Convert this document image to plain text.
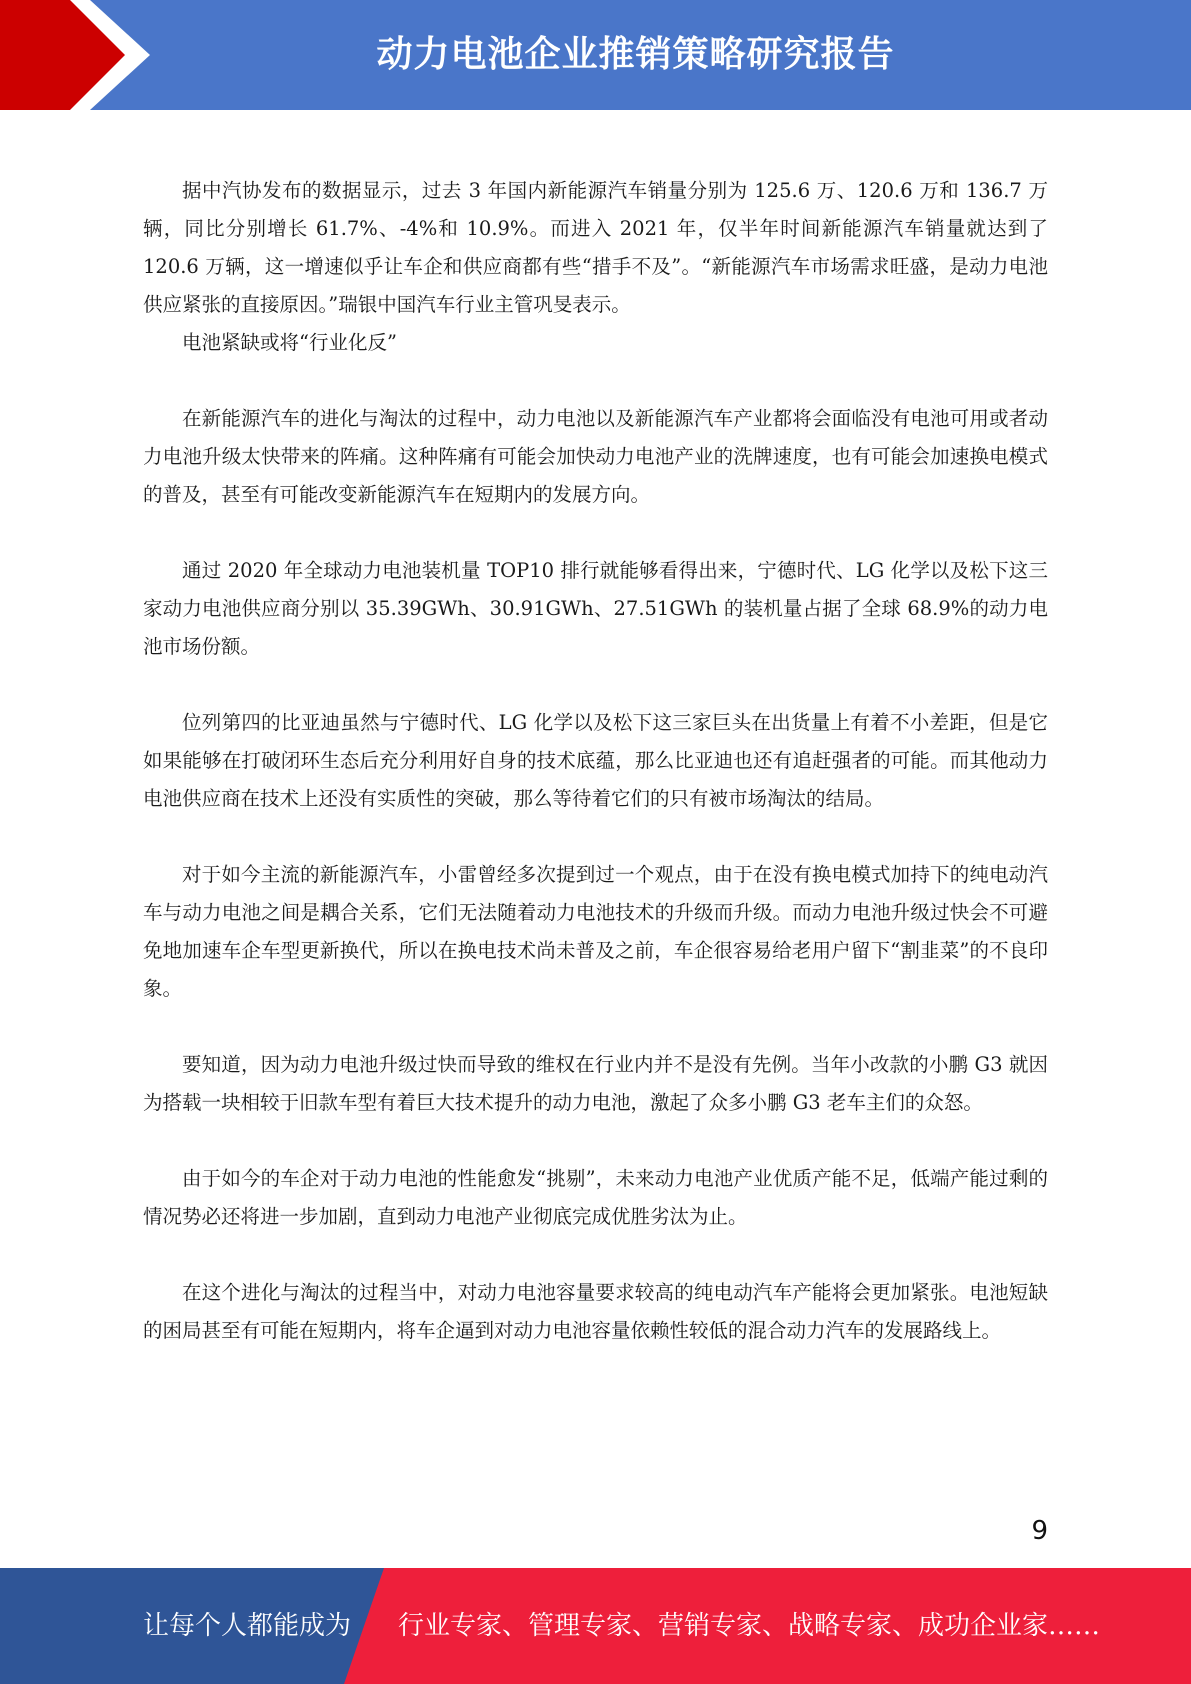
动力电池企业推销策略研究报告

据中汽协发布的数据显示，过去 3 年国内新能源汽车销量分别为 125.6 万、120.6 万和 136.7 万辆，同比分别增长 61.7%、-4%和 10.9%。而进入 2021 年，仅半年时间新能源汽车销量就达到了 120.6 万辆，这一增速似乎让车企和供应商都有些“措手不及”。“新能源汽车市场需求旺盛，是动力电池供应紧张的直接原因。”瑞银中国汽车行业主管巩旻表示。

电池紧缺或将“行业化反”

在新能源汽车的进化与淘汰的过程中，动力电池以及新能源汽车产业都将会面临没有电池可用或者动力电池升级太快带来的阵痛。这种阵痛有可能会加快动力电池产业的洗牌速度，也有可能会加速换电模式的普及，甚至有可能改变新能源汽车在短期内的发展方向。

通过 2020 年全球动力电池装机量 TOP10 排行就能够看得出来，宁德时代、LG 化学以及松下这三家动力电池供应商分别以 35.39GWh、30.91GWh、27.51GWh 的装机量占据了全球 68.9%的动力电池市场份额。

位列第四的比亚迪虽然与宁德时代、LG 化学以及松下这三家巨头在出货量上有着不小差距，但是它如果能够在打破闭环生态后充分利用好自身的技术底蕴，那么比亚迪也还有追赶强者的可能。而其他动力电池供应商在技术上还没有实质性的突破，那么等待着它们的只有被市场淘汰的结局。

对于如今主流的新能源汽车，小雷曾经多次提到过一个观点，由于在没有换电模式加持下的纯电动汽车与动力电池之间是耦合关系，它们无法随着动力电池技术的升级而升级。而动力电池升级过快会不可避免地加速车企车型更新换代，所以在换电技术尚未普及之前，车企很容易给老用户留下“割韭菜”的不良印象。

要知道，因为动力电池升级过快而导致的维权在行业内并不是没有先例。当年小改款的小鹏 G3 就因为搭载一块相较于旧款车型有着巨大技术提升的动力电池，激起了众多小鹏 G3 老车主们的众怒。

由于如今的车企对于动力电池的性能愈发“挑剔”，未来动力电池产业优质产能不足，低端产能过剩的情况势必还将进一步加剧，直到动力电池产业彻底完成优胜劣汰为止。

在这个进化与淘汰的过程当中，对动力电池容量要求较高的纯电动汽车产能将会更加紧张。电池短缺的困局甚至有可能在短期内，将车企逼到对动力电池容量依赖性较低的混合动力汽车的发展路线上。

9
让每个人都能成为 行业专家、管理专家、营销专家、战略专家、成功企业家……
